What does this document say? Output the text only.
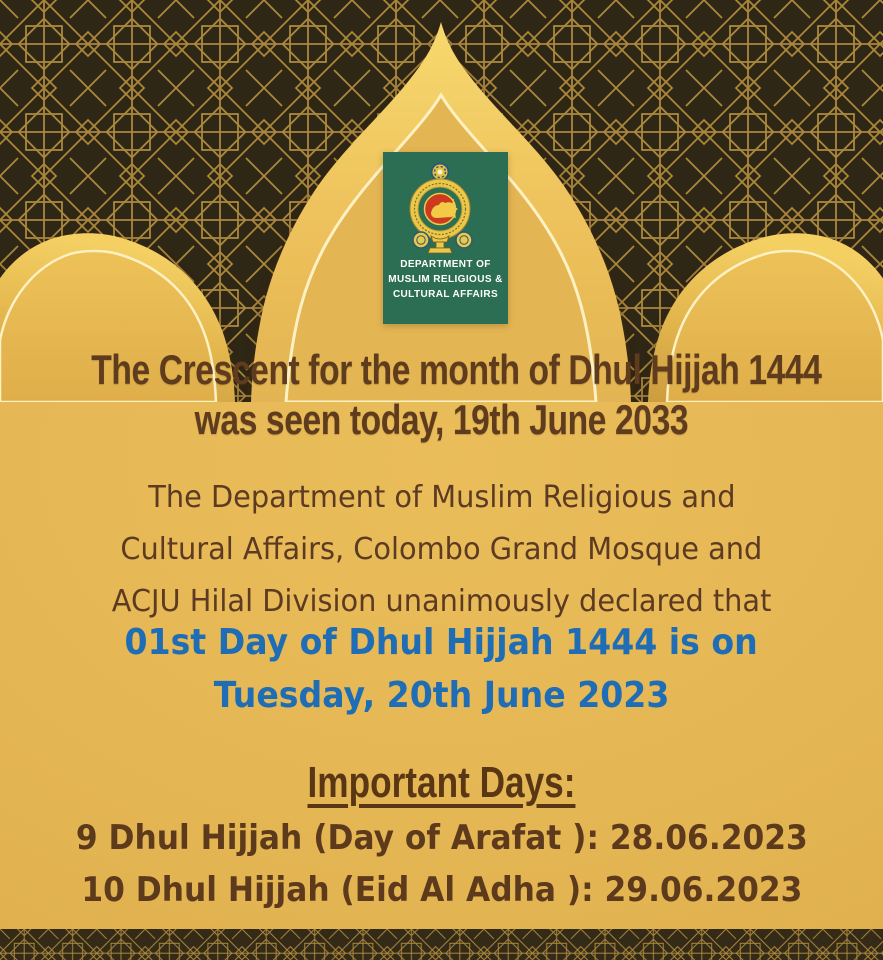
DEPARTMENT OF
MUSLIM RELIGIOUS &
CULTURAL AFFAIRS
The Crescent for the month of Dhul Hijjah 1444
was seen today, 19th June 2033
The Department of Muslim Religious and
Cultural Affairs, Colombo Grand Mosque and
ACJU Hilal Division unanimously declared that
01st Day of Dhul Hijjah 1444 is on
Tuesday, 20th June 2023
Important Days:
9 Dhul Hijjah (Day of Arafat ): 28.06.2023
10 Dhul Hijjah (Eid Al Adha ): 29.06.2023
